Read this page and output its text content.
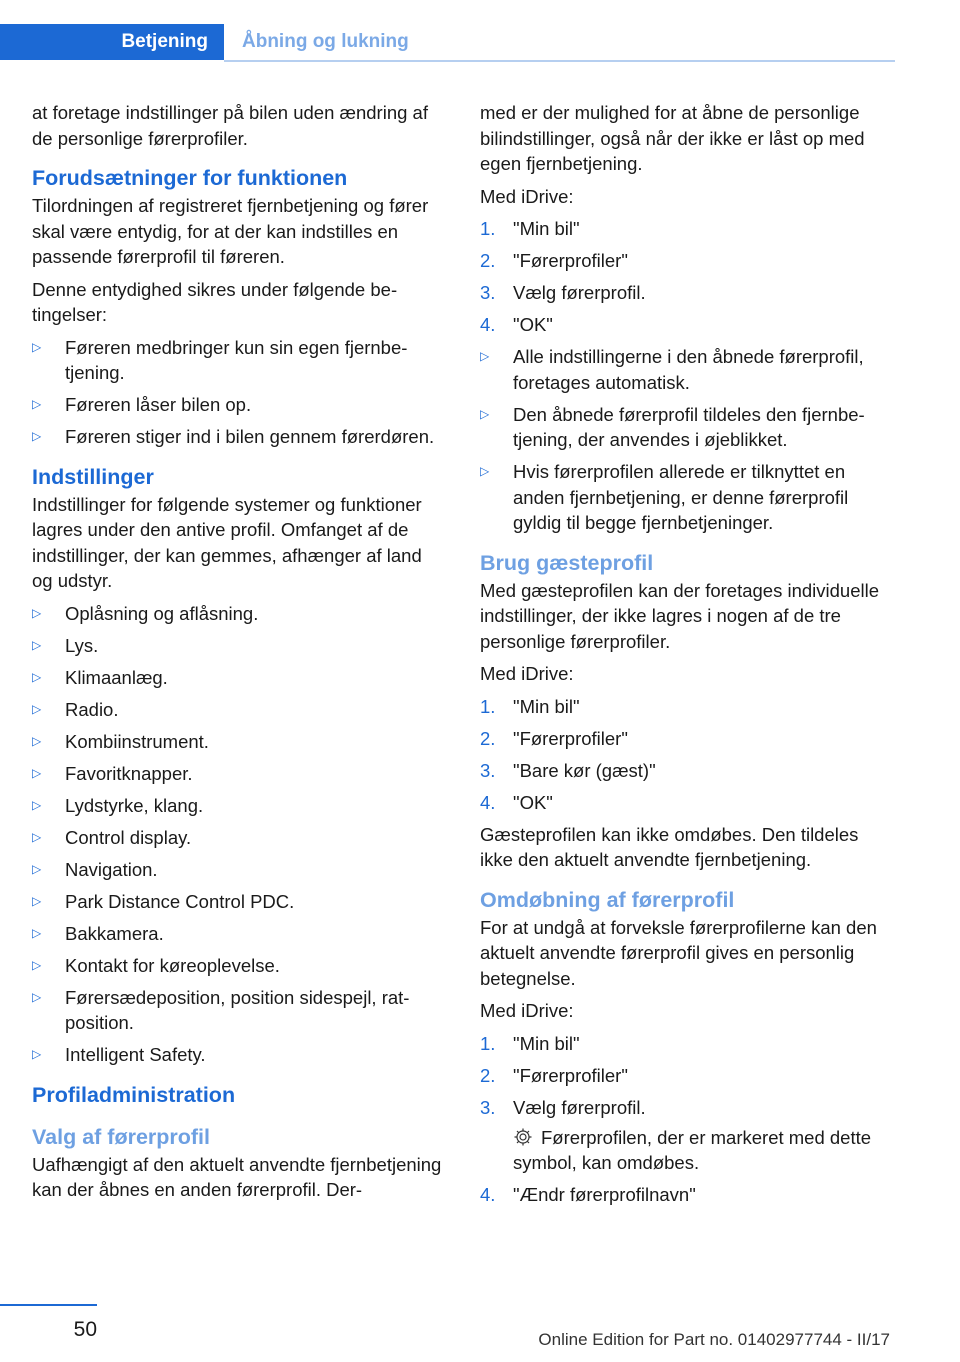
Betjening	Åbning og lukning

at foretage indstillinger på bilen uden ændring af de personlige førerprofiler.

Forudsætninger for funktionen

Tilordningen af registreret fjernbetjening og fører skal være entydig, for at der kan indstilles en passende førerprofil til føreren.

Denne entydighed sikres under følgende betingelser:

▷ Føreren medbringer kun sin egen fjernbetjening.
▷ Føreren låser bilen op.
▷ Føreren stiger ind i bilen gennem førerdøren.
Indstillinger

Indstillinger for følgende systemer og funktioner lagres under den antive profil. Omfanget af de indstillinger, der kan gemmes, afhænger af land og udstyr.

▷ Oplåsning og aflåsning.
▷ Lys.
▷ Klimaanlæg.
▷ Radio.
▷ Kombiinstrument.
▷ Favoritknapper.
▷ Lydstyrke, klang.
▷ Control display.
▷ Navigation.
▷ Park Distance Control PDC.
▷ Bakkamera.
▷ Kontakt for køreoplevelse.
▷ Førersædeposition, position sidespejl, ratposition.
▷ Intelligent Safety.
Profiladministration
Valg af førerprofil

Uafhængigt af den aktuelt anvendte fjernbetjening kan der åbnes en anden førerprofil. Der-

med er der mulighed for at åbne de personlige bilindstillinger, også når der ikke er låst op med egen fjernbetjening.

Med iDrive:

1. "Min bil"
2. "Førerprofiler"
3. Vælg førerprofil.
4. "OK"
▷ Alle indstillingerne i den åbnede førerprofil, foretages automatisk.
▷ Den åbnede førerprofil tildeles den fjernbetjening, der anvendes i øjeblikket.
▷ Hvis førerprofilen allerede er tilknyttet en anden fjernbetjening, er denne førerprofil gyldig til begge fjernbetjeninger.
Brug gæsteprofil

Med gæsteprofilen kan der foretages individuelle indstillinger, der ikke lagres i nogen af de tre personlige førerprofiler.

Med iDrive:

1. "Min bil"
2. "Førerprofiler"
3. "Bare kør (gæst)"
4. "OK"

Gæsteprofilen kan ikke omdøbes. Den tildeles ikke den aktuelt anvendte fjernbetjening.

Omdøbning af førerprofil

For at undgå at forveksle førerprofilerne kan den aktuelt anvendte førerprofil gives en personlig betegnelse.

Med iDrive:

1. "Min bil"
2. "Førerprofiler"
3. Vælg førerprofil.
Førerprofilen, der er markeret med dette symbol, kan omdøbes.
4. "Ændr førerprofilnavn"
50	Online Edition for Part no. 01402977744 - II/17
